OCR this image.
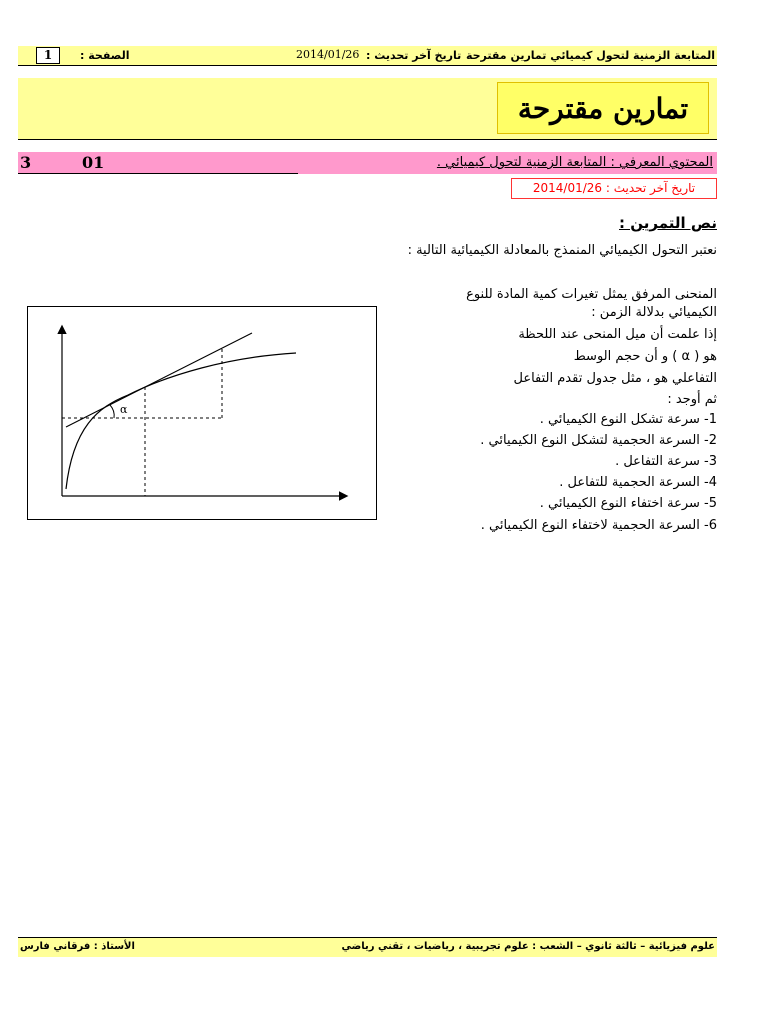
المتابعة الزمنية لتحول كيميائي تمارين مقترحة
تاريخ آخر تحديث :
2014/01/26
الصفحة :
1
تمارين مقترحة
المحتوي المعرفي : المتابعة الزمنية لتحول كيميائي .
3	01
تاريخ آخر تحديث : 2014/01/26
نص التمرين :
نعتبر التحول الكيميائي المنمذج بالمعادلة الكيميائية التالية :
المنحنى المرفق يمثل تغيرات كمية المادة للنوع
الكيميائي بدلالة الزمن :
إذا علمت أن ميل المنحى عند اللحظة
هو ( α ) و أن حجم الوسط
التفاعلي هو ، مثل جدول تقدم التفاعل
ثم أوجد :
1- سرعة تشكل النوع الكيميائي .
2- السرعة الحجمية لتشكل النوع الكيميائي .
3- سرعة التفاعل .
4- السرعة الحجمية للتفاعل .
5- سرعة اختفاء النوع الكيميائي .
6- السرعة الحجمية لاختفاء النوع الكيميائي .
α
علوم فيزيائية – ثالثة ثانوي – الشعب : علوم تجريبية ، رياضيات ، تقني رياضي
الأستاذ : فرقاني فارس
